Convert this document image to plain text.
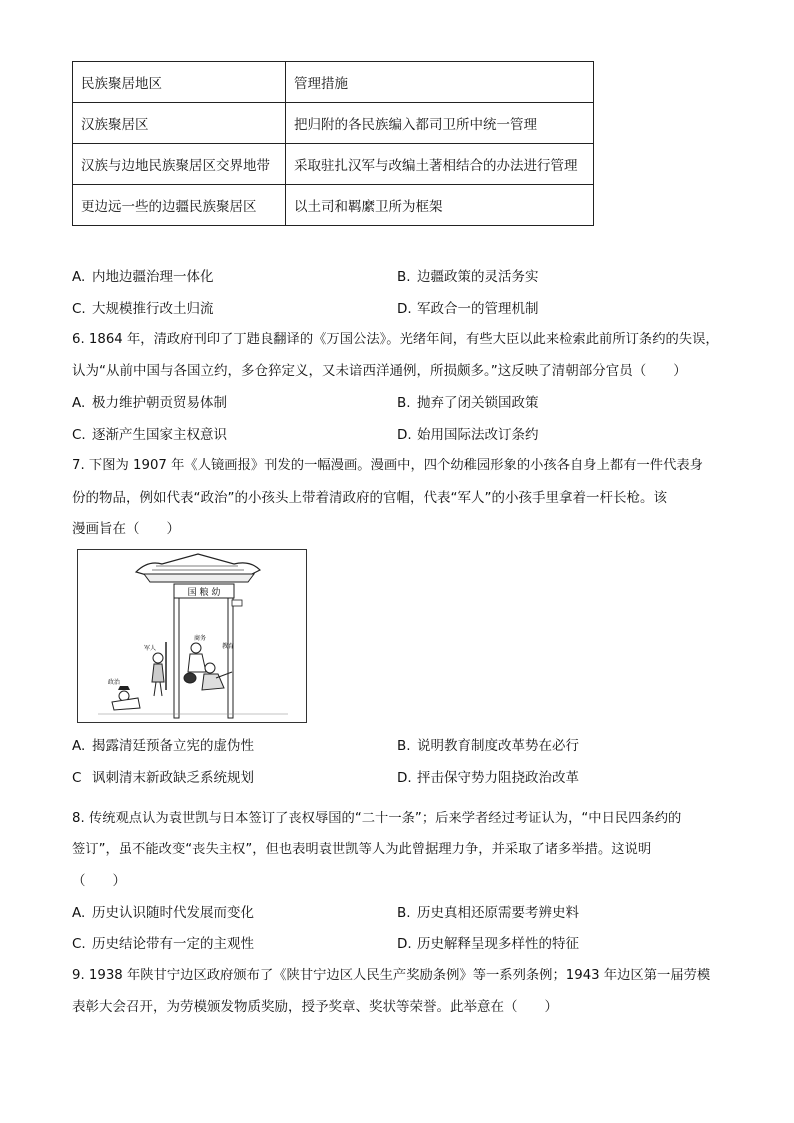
民族聚居地区	管理措施
汉族聚居区	把归附的各民族编入都司卫所中统一管理
汉族与边地民族聚居区交界地带	采取驻扎汉军与改编土著相结合的办法进行管理
更边远一些的边疆民族聚居区	以土司和羁縻卫所为框架
A. 内地边疆治理一体化	B. 边疆政策的灵活务实
C. 大规模推行改土归流	D. 军政合一的管理机制
6. 1864 年，清政府刊印了丁韪良翻译的《万国公法》。光绪年间，有些大臣以此来检索此前所订条约的失误，
认为“从前中国与各国立约，多仓猝定义，又未谙西洋通例，所损颇多。”这反映了清朝部分官员（　　）
A. 极力维护朝贡贸易体制	B. 抛弃了闭关锁国政策
C. 逐渐产生国家主权意识	D. 始用国际法改订条约
7. 下图为 1907 年《人镜画报》刊发的一幅漫画。漫画中，四个幼稚园形象的小孩各自身上都有一件代表身
份的物品，例如代表“政治”的小孩头上带着清政府的官帽，代表“军人”的小孩手里拿着一杆长枪。该
漫画旨在（　　）
国 粮 幼
军人
商务
教育
政治
A. 揭露清廷预备立宪的虚伪性	B. 说明教育制度改革势在必行
C 讽刺清末新政缺乏系统规划	D. 抨击保守势力阻挠政治改革
8. 传统观点认为袁世凯与日本签订了丧权辱国的“二十一条”；后来学者经过考证认为，“中日民四条约的
签订”，虽不能改变“丧失主权”，但也表明袁世凯等人为此曾据理力争，并采取了诸多举措。这说明
（　　）
A. 历史认识随时代发展而变化	B. 历史真相还原需要考辨史料
C. 历史结论带有一定的主观性	D. 历史解释呈现多样性的特征
9. 1938 年陕甘宁边区政府颁布了《陕甘宁边区人民生产奖励条例》等一系列条例；1943 年边区第一届劳模
表彰大会召开，为劳模颁发物质奖励，授予奖章、奖状等荣誉。此举意在（　　）
